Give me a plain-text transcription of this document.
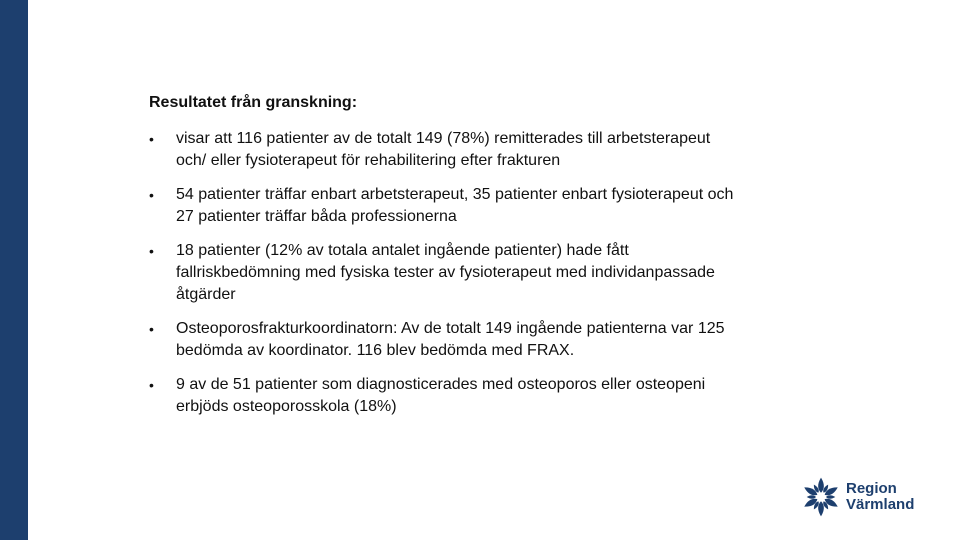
Resultatet från granskning:
• visar att 116 patienter av de totalt 149 (78%) remitterades till arbetsterapeut
och/ eller fysioterapeut för rehabilitering efter frakturen
• 54 patienter träffar enbart arbetsterapeut, 35 patienter enbart fysioterapeut och
27 patienter träffar båda professionerna
• 18 patienter (12% av totala antalet ingående patienter) hade fått
fallriskbedömning med fysiska tester av fysioterapeut med individanpassade
åtgärder
• Osteoporosfrakturkoordinatorn: Av de totalt 149 ingående patienterna var 125
bedömda av koordinator. 116 blev bedömda med FRAX.
• 9 av de 51 patienter som diagnosticerades med osteoporos eller osteopeni
erbjöds osteoporosskola (18%)
Region
Värmland
